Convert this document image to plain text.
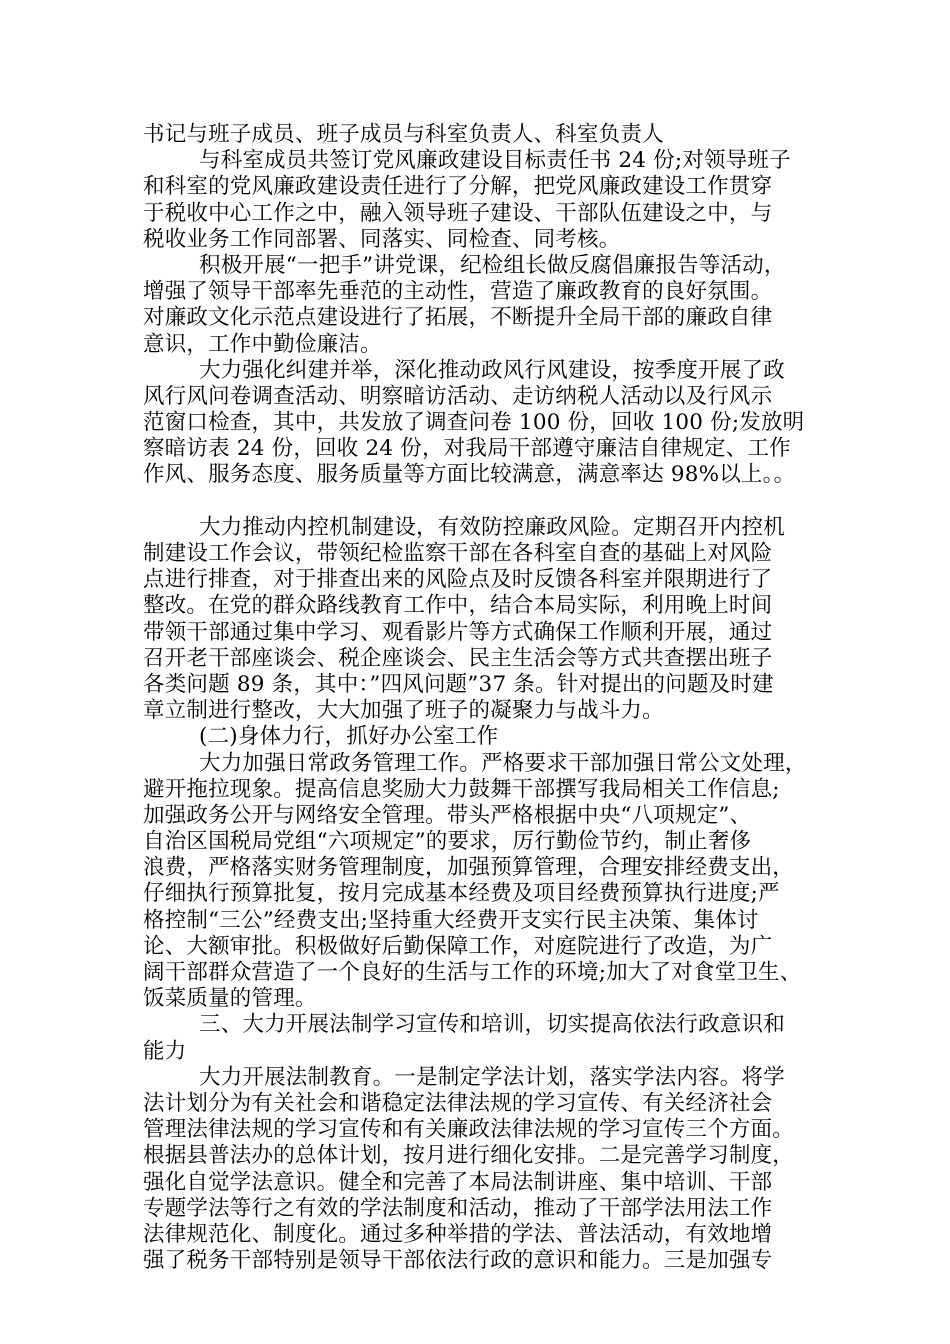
书记与班子成员、班子成员与科室负责人、科室负责人
与科室成员共签订党风廉政建设目标责任书 24 份;对领导班子
和科室的党风廉政建设责任进行了分解，把党风廉政建设工作贯穿
于税收中心工作之中，融入领导班子建设、干部队伍建设之中，与
税收业务工作同部署、同落实、同检查、同考核。
积极开展“一把手”讲党课，纪检组长做反腐倡廉报告等活动，
增强了领导干部率先垂范的主动性，营造了廉政教育的良好氛围。
对廉政文化示范点建设进行了拓展，不断提升全局干部的廉政自律
意识，工作中勤俭廉洁。
大力强化纠建并举，深化推动政风行风建设，按季度开展了政
风行风问卷调查活动、明察暗访活动、走访纳税人活动以及行风示
范窗口检查，其中，共发放了调查问卷 100 份，回收 100 份;发放明
察暗访表 24 份，回收 24 份，对我局干部遵守廉洁自律规定、工作
作风、服务态度、服务质量等方面比较满意，满意率达 98%以上。。
大力推动内控机制建设，有效防控廉政风险。定期召开内控机
制建设工作会议，带领纪检监察干部在各科室自查的基础上对风险
点进行排查，对于排查出来的风险点及时反馈各科室并限期进行了
整改。在党的群众路线教育工作中，结合本局实际，利用晚上时间
带领干部通过集中学习、观看影片等方式确保工作顺利开展，通过
召开老干部座谈会、税企座谈会、民主生活会等方式共查摆出班子
各类问题 89 条，其中：”四风问题”37 条。针对提出的问题及时建
章立制进行整改，大大加强了班子的凝聚力与战斗力。
(二)身体力行，抓好办公室工作
大力加强日常政务管理工作。严格要求干部加强日常公文处理，
避开拖拉现象。提高信息奖励大力鼓舞干部撰写我局相关工作信息;
加强政务公开与网络安全管理。带头严格根据中央“八项规定”、
自治区国税局党组“六项规定”的要求，厉行勤俭节约，制止奢侈
浪费，严格落实财务管理制度，加强预算管理，合理安排经费支出，
仔细执行预算批复，按月完成基本经费及项目经费预算执行进度;严
格控制“三公”经费支出;坚持重大经费开支实行民主决策、集体讨
论、大额审批。积极做好后勤保障工作，对庭院进行了改造，为广
阔干部群众营造了一个良好的生活与工作的环境;加大了对食堂卫生、
饭菜质量的管理。
三、大力开展法制学习宣传和培训，切实提高依法行政意识和
能力
大力开展法制教育。一是制定学法计划，落实学法内容。将学
法计划分为有关社会和谐稳定法律法规的学习宣传、有关经济社会
管理法律法规的学习宣传和有关廉政法律法规的学习宣传三个方面。
根据县普法办的总体计划，按月进行细化安排。二是完善学习制度，
强化自觉学法意识。健全和完善了本局法制讲座、集中培训、干部
专题学法等行之有效的学法制度和活动，推动了干部学法用法工作
法律规范化、制度化。通过多种举措的学法、普法活动，有效地增
强了税务干部特别是领导干部依法行政的意识和能力。三是加强专
